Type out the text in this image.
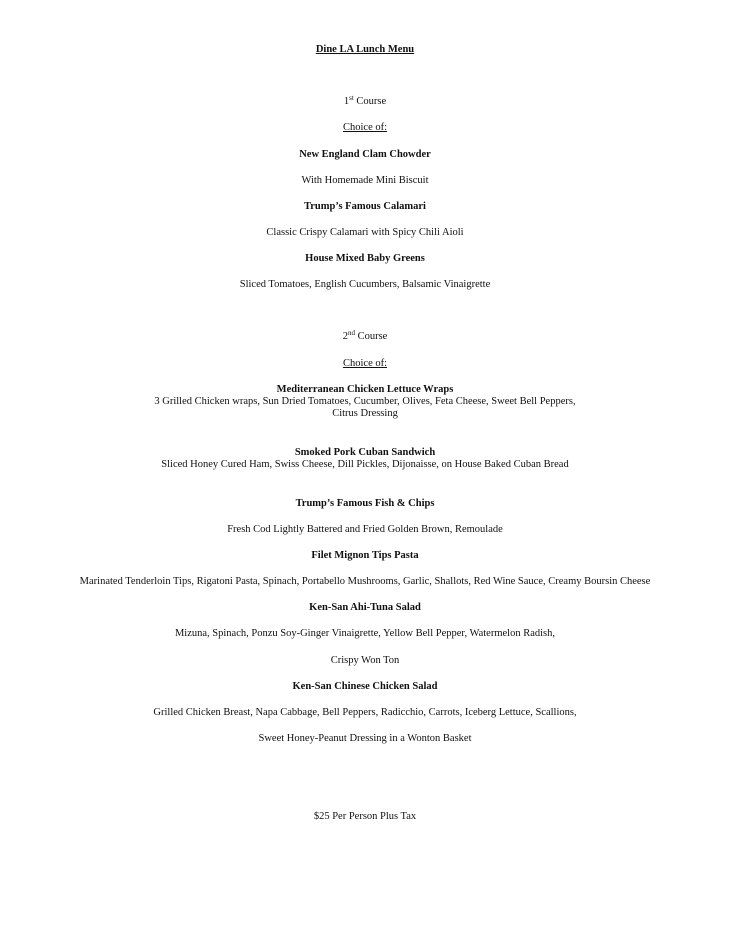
Dine LA Lunch Menu
1st Course
Choice of:
New England Clam Chowder
With Homemade Mini Biscuit
Trump’s Famous Calamari
Classic Crispy Calamari with Spicy Chili Aioli
House Mixed Baby Greens
Sliced Tomatoes, English Cucumbers, Balsamic Vinaigrette
2nd Course
Choice of:
Mediterranean Chicken Lettuce Wraps
3 Grilled Chicken wraps, Sun Dried Tomatoes, Cucumber, Olives, Feta Cheese, Sweet Bell Peppers,
Citrus Dressing
Smoked Pork Cuban Sandwich
Sliced Honey Cured Ham, Swiss Cheese, Dill Pickles, Dijonaisse, on House Baked Cuban Bread
Trump’s Famous Fish & Chips
Fresh Cod Lightly Battered and Fried Golden Brown, Remoulade
Filet Mignon Tips Pasta
Marinated Tenderloin Tips, Rigatoni Pasta, Spinach, Portabello Mushrooms, Garlic, Shallots, Red Wine Sauce, Creamy Boursin Cheese
Ken-San Ahi-Tuna Salad
Mizuna, Spinach, Ponzu Soy-Ginger Vinaigrette, Yellow Bell Pepper, Watermelon Radish,
Crispy Won Ton
Ken-San Chinese Chicken Salad
Grilled Chicken Breast, Napa Cabbage, Bell Peppers, Radicchio, Carrots, Iceberg Lettuce, Scallions,
Sweet Honey-Peanut Dressing in a Wonton Basket
$25 Per Person Plus Tax
